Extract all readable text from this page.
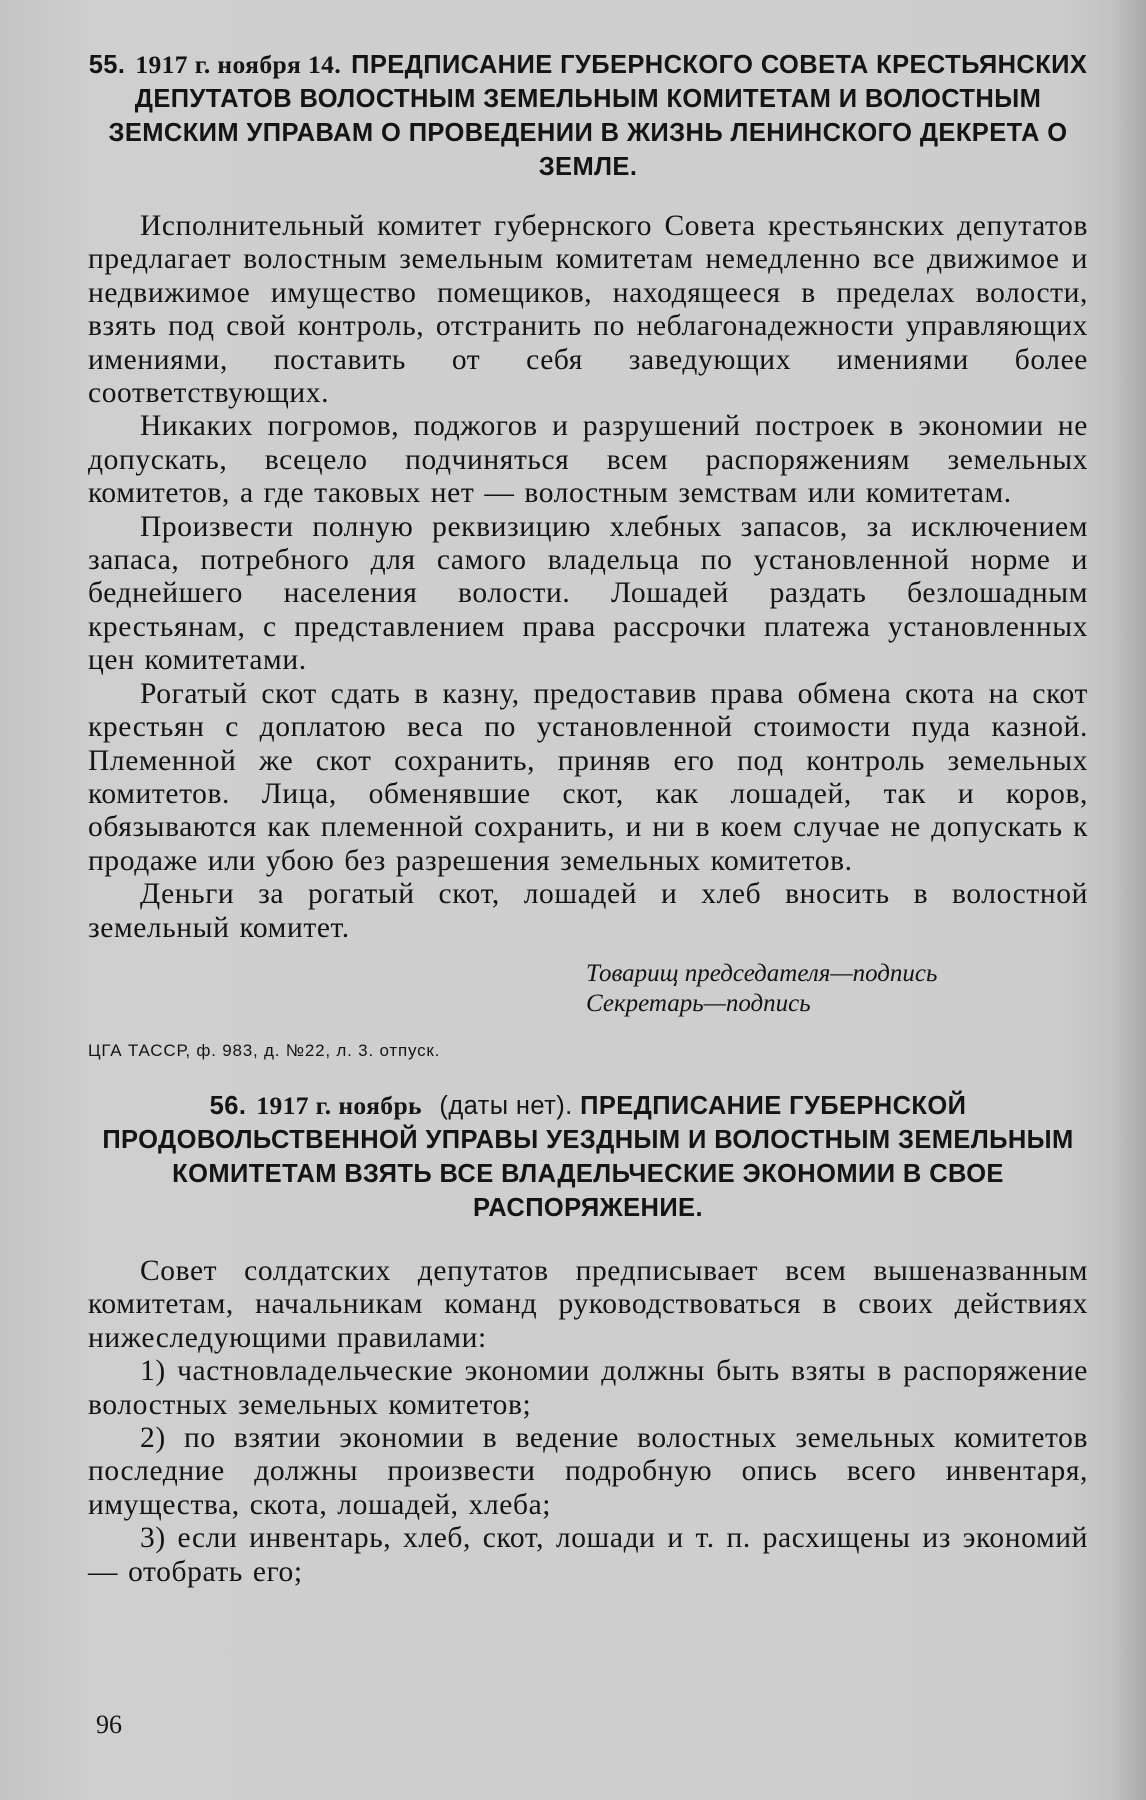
55. 1917 г. ноября 14. ПРЕДПИСАНИЕ ГУБЕРНСКОГО СОВЕТА КРЕСТЬЯНСКИХ ДЕПУТАТОВ ВОЛОСТНЫМ ЗЕМЕЛЬНЫМ КОМИТЕТАМ И ВОЛОСТНЫМ ЗЕМСКИМ УПРАВАМ О ПРОВЕДЕНИИ В ЖИЗНЬ ЛЕНИНСКОГО ДЕКРЕТА О ЗЕМЛЕ.

Исполнительный комитет губернского Совета крестьянских депутатов предлагает волостным земельным комитетам немедленно все движимое и недвижимое имущество помещиков, находящееся в пределах волости, взять под свой контроль, отстранить по неблагонадежности управляющих имениями, поставить от себя заведующих имениями более соответствующих.

Никаких погромов, поджогов и разрушений построек в экономии не допускать, всецело подчиняться всем распоряжениям земельных комитетов, а где таковых нет — волостным земствам или комитетам.

Произвести полную реквизицию хлебных запасов, за исключением запаса, потребного для самого владельца по установленной норме и беднейшего населения волости. Лошадей раздать безлошадным крестьянам, с представлением права рассрочки платежа установленных цен комитетами.

Рогатый скот сдать в казну, предоставив права обмена скота на скот крестьян с доплатою веса по установленной стоимости пуда казной. Племенной же скот сохранить, приняв его под контроль земельных комитетов. Лица, обменявшие скот, как лошадей, так и коров, обязываются как племенной сохранить, и ни в коем случае не допускать к продаже или убою без разрешения земельных комитетов.

Деньги за рогатый скот, лошадей и хлеб вносить в волостной земельный комитет.

Товарищ председателя—подпись
Секретарь—подпись
ЦГА ТАССР, ф. 983, д. №22, л. 3. отпуск.
56. 1917 г. ноябрь (даты нет). ПРЕДПИСАНИЕ ГУБЕРНСКОЙ ПРОДОВОЛЬСТВЕННОЙ УПРАВЫ УЕЗДНЫМ И ВОЛОСТНЫМ ЗЕМЕЛЬНЫМ КОМИТЕТАМ ВЗЯТЬ ВСЕ ВЛАДЕЛЬЧЕСКИЕ ЭКОНОМИИ В СВОЕ РАСПОРЯЖЕНИЕ.

Совет солдатских депутатов предписывает всем вышеназванным комитетам, начальникам команд руководствоваться в своих действиях нижеследующими правилами:

1) частновладельческие экономии должны быть взяты в распоряжение волостных земельных комитетов;

2) по взятии экономии в ведение волостных земельных комитетов последние должны произвести подробную опись всего инвентаря, имущества, скота, лошадей, хлеба;

3) если инвентарь, хлеб, скот, лошади и т. п. расхищены из экономий — отобрать его;

96
